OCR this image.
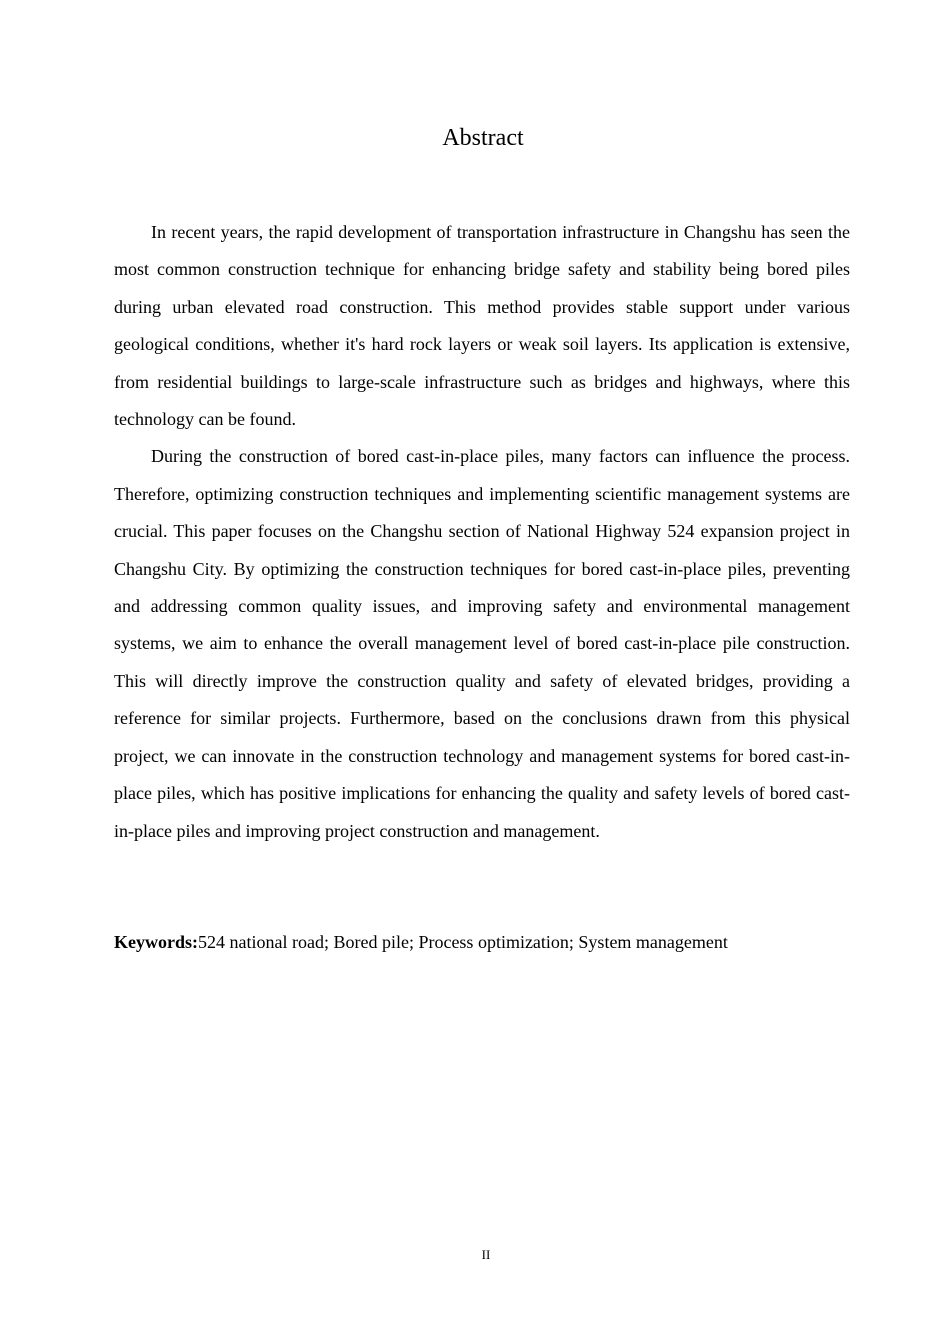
Abstract

In recent years, the rapid development of transportation infrastructure in Changshu has seen the most common construction technique for enhancing bridge safety and stability being bored piles during urban elevated road construction. This method provides stable support under various geological conditions, whether it's hard rock layers or weak soil layers. Its application is extensive, from residential buildings to large-scale infrastructure such as bridges and highways, where this technology can be found.

During the construction of bored cast-in-place piles, many factors can influence the process. Therefore, optimizing construction techniques and implementing scientific management systems are crucial. This paper focuses on the Changshu section of National Highway 524 expansion project in Changshu City. By optimizing the construction techniques for bored cast-in-place piles, preventing and addressing common quality issues, and improving safety and environmental management systems, we aim to enhance the overall management level of bored cast-in-place pile construction. This will directly improve the construction quality and safety of elevated bridges, providing a reference for similar projects. Furthermore, based on the conclusions drawn from this physical project, we can innovate in the construction technology and management systems for bored cast-in-place piles, which has positive implications for enhancing the quality and safety levels of bored cast-in-place piles and improving project construction and management.

Keywords:524 national road; Bored pile; Process optimization; System management

II
